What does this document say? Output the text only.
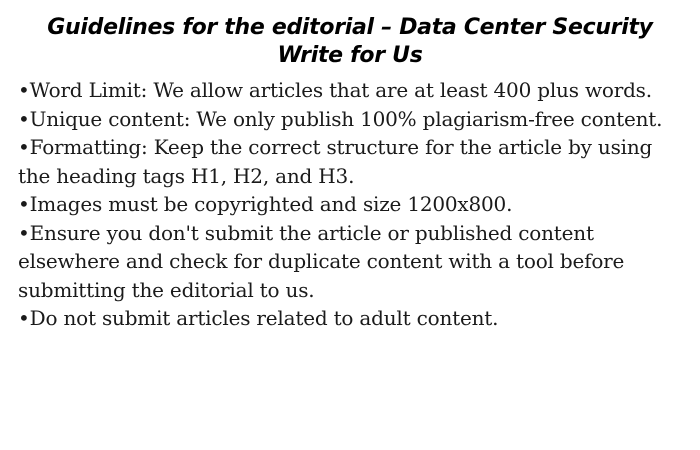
Guidelines for the editorial – Data Center Security
Write for Us
•Word Limit: We allow articles that are at least 400 plus words.
•Unique content: We only publish 100% plagiarism-free content.
•Formatting: Keep the correct structure for the article by using the heading tags H1, H2, and H3.
•Images must be copyrighted and size 1200x800.
•Ensure you don't submit the article or published content elsewhere and check for duplicate content with a tool before submitting the editorial to us.
•Do not submit articles related to adult content.
